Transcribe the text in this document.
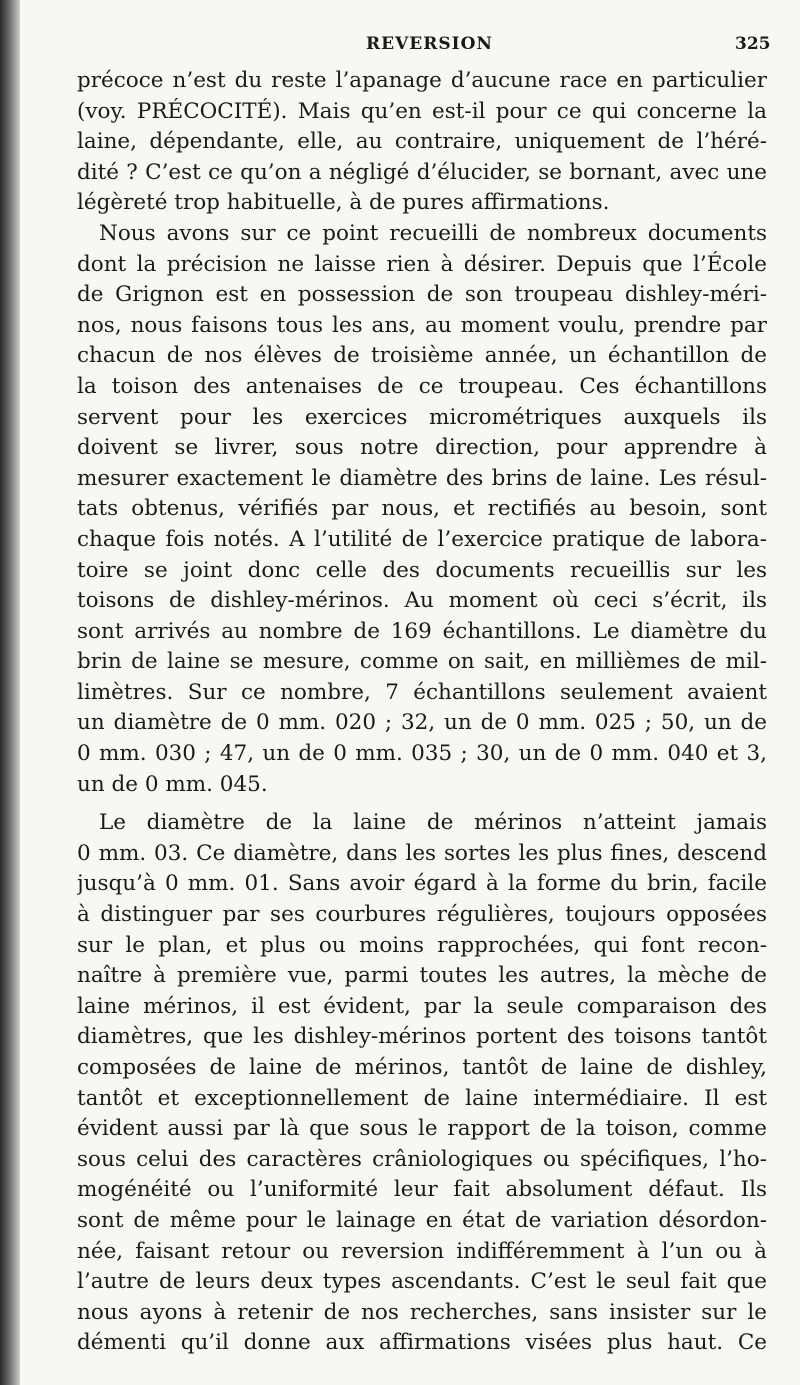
REVERSION	325
précoce n’est du reste l’apanage d’aucune race en particulier
(voy. PRÉCOCITÉ). Mais qu’en est-il pour ce qui concerne la
laine, dépendante, elle, au contraire, uniquement de l’héré-
dité ? C’est ce qu’on a négligé d’élucider, se bornant, avec une
légèreté trop habituelle, à de pures affirmations.
Nous avons sur ce point recueilli de nombreux documents
dont la précision ne laisse rien à désirer. Depuis que l’École
de Grignon est en possession de son troupeau dishley-méri-
nos, nous faisons tous les ans, au moment voulu, prendre par
chacun de nos élèves de troisième année, un échantillon de
la toison des antenaises de ce troupeau. Ces échantillons
servent pour les exercices micrométriques auxquels ils
doivent se livrer, sous notre direction, pour apprendre à
mesurer exactement le diamètre des brins de laine. Les résul-
tats obtenus, vérifiés par nous, et rectifiés au besoin, sont
chaque fois notés. A l’utilité de l’exercice pratique de labora-
toire se joint donc celle des documents recueillis sur les
toisons de dishley-mérinos. Au moment où ceci s’écrit, ils
sont arrivés au nombre de 169 échantillons. Le diamètre du
brin de laine se mesure, comme on sait, en millièmes de mil-
limètres. Sur ce nombre, 7 échantillons seulement avaient
un diamètre de 0 mm. 020 ; 32, un de 0 mm. 025 ; 50, un de
0 mm. 030 ; 47, un de 0 mm. 035 ; 30, un de 0 mm. 040 et 3,
un de 0 mm. 045.
Le diamètre de la laine de mérinos n’atteint jamais
0 mm. 03. Ce diamètre, dans les sortes les plus fines, descend
jusqu’à 0 mm. 01. Sans avoir égard à la forme du brin, facile
à distinguer par ses courbures régulières, toujours opposées
sur le plan, et plus ou moins rapprochées, qui font recon-
naître à première vue, parmi toutes les autres, la mèche de
laine mérinos, il est évident, par la seule comparaison des
diamètres, que les dishley-mérinos portent des toisons tantôt
composées de laine de mérinos, tantôt de laine de dishley,
tantôt et exceptionnellement de laine intermédiaire. Il est
évident aussi par là que sous le rapport de la toison, comme
sous celui des caractères crâniologiques ou spécifiques, l’ho-
mogénéité ou l’uniformité leur fait absolument défaut. Ils
sont de même pour le lainage en état de variation désordon-
née, faisant retour ou reversion indifféremment à l’un ou à
l’autre de leurs deux types ascendants. C’est le seul fait que
nous ayons à retenir de nos recherches, sans insister sur le
démenti qu’il donne aux affirmations visées plus haut. Ce
